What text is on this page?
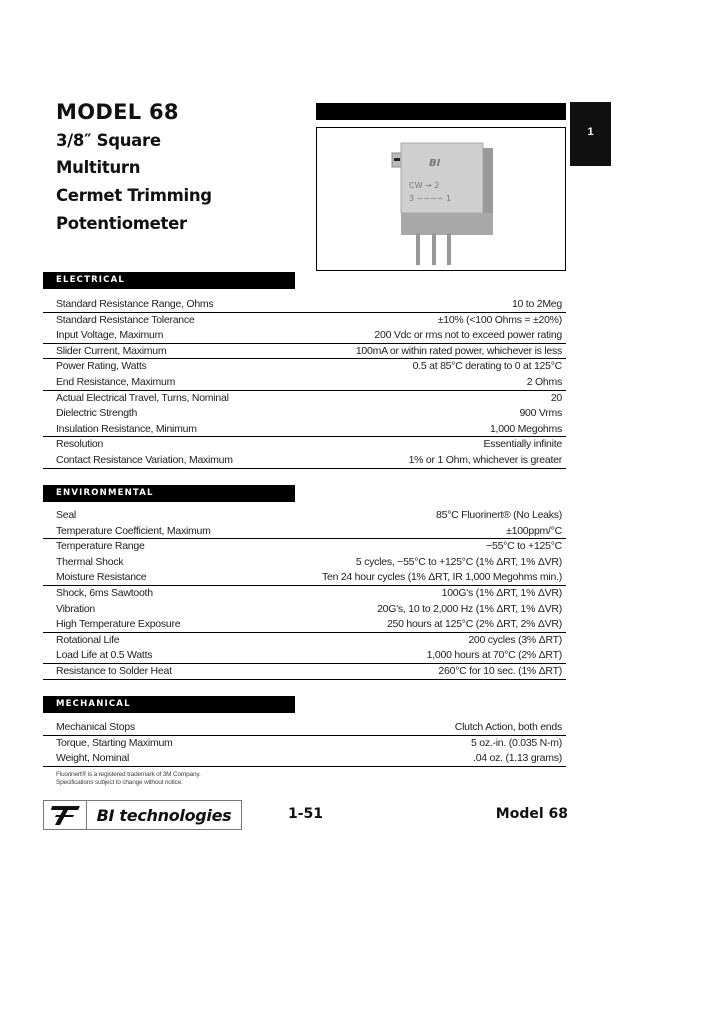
MODEL 68
3/8″ Square
Multiturn
Cermet Trimming
Potentiometer
BI
CW → 2
3 ~~~~ 1
1
ELECTRICAL
Standard Resistance Range, Ohms	10 to 2Meg
Standard Resistance Tolerance	±10% (<100 Ohms = ±20%)
Input Voltage, Maximum	200 Vdc or rms not to exceed power rating
Slider Current, Maximum	100mA or within rated power, whichever is less
Power Rating, Watts	0.5 at 85°C derating to 0 at 125°C
End Resistance, Maximum	2 Ohms
Actual Electrical Travel, Turns, Nominal	20
Dielectric Strength	900 Vrms
Insulation Resistance, Minimum	1,000 Megohms
Resolution	Essentially infinite
Contact Resistance Variation, Maximum	1% or 1 Ohm, whichever is greater
ENVIRONMENTAL
Seal	85°C Fluorinert® (No Leaks)
Temperature Coefficient, Maximum	±100ppm/°C
Temperature Range	−55°C to +125°C
Thermal Shock	5 cycles, −55°C to +125°C (1% ΔRT, 1% ΔVR)
Moisture Resistance	Ten 24 hour cycles (1% ΔRT, IR 1,000 Megohms min.)
Shock, 6ms Sawtooth	100G's (1% ΔRT, 1% ΔVR)
Vibration	20G's, 10 to 2,000 Hz (1% ΔRT, 1% ΔVR)
High Temperature Exposure	250 hours at 125°C (2% ΔRT, 2% ΔVR)
Rotational Life	200 cycles (3% ΔRT)
Load Life at 0.5 Watts	1,000 hours at 70°C (2% ΔRT)
Resistance to Solder Heat	260°C for 10 sec. (1% ΔRT)
MECHANICAL
Mechanical Stops	Clutch Action, both ends
Torque, Starting Maximum	5 oz.-in. (0.035 N-m)
Weight, Nominal	.04 oz. (1.13 grams)
Fluorinert® is a registered trademark of 3M Company.
Specifications subject to change without notice.
BI technologies	1-51	Model 68
